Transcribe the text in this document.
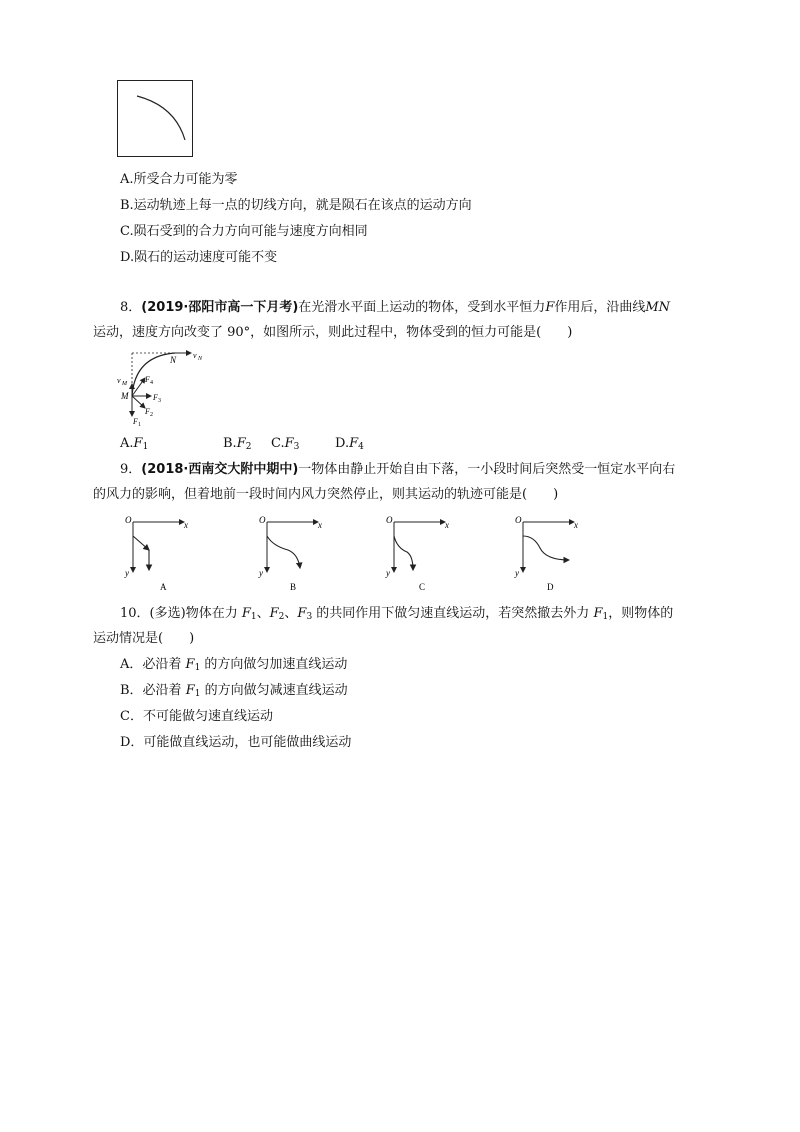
A.所受合力可能为零
B.运动轨迹上每一点的切线方向，就是陨石在该点的运动方向
C.陨石受到的合力方向可能与速度方向相同
D.陨石的运动速度可能不变
8．(2019·邵阳市高一下月考)在光滑水平面上运动的物体，受到水平恒力F作用后，沿曲线MN
运动，速度方向改变了 90°，如图所示，则此过程中，物体受到的恒力可能是(　　)
N v N
v M
M
F 4
F 3
F 2
F 1
$A.F_1$	$B.F_2$ $C.F_3$	$D.F_4$
9．(2018·西南交大附中期中)一物体由静止开始自由下落，一小段时间后突然受一恒定水平向右
的风力的影响，但着地前一段时间内风力突然停止，则其运动的轨迹可能是(　　)
O	x
y
A
O	x
y
B
O	x
y
C
O	x
y
D
10．(多选)物体在力 $F_1$、$F_2$、$F_3$ 的共同作用下做匀速直线运动，若突然撤去外力 $F_1$，则物体的
运动情况是(　　)
A．必沿着 $F_1$ 的方向做匀加速直线运动
B．必沿着 $F_1$ 的方向做匀减速直线运动
C．不可能做匀速直线运动
D．可能做直线运动，也可能做曲线运动
